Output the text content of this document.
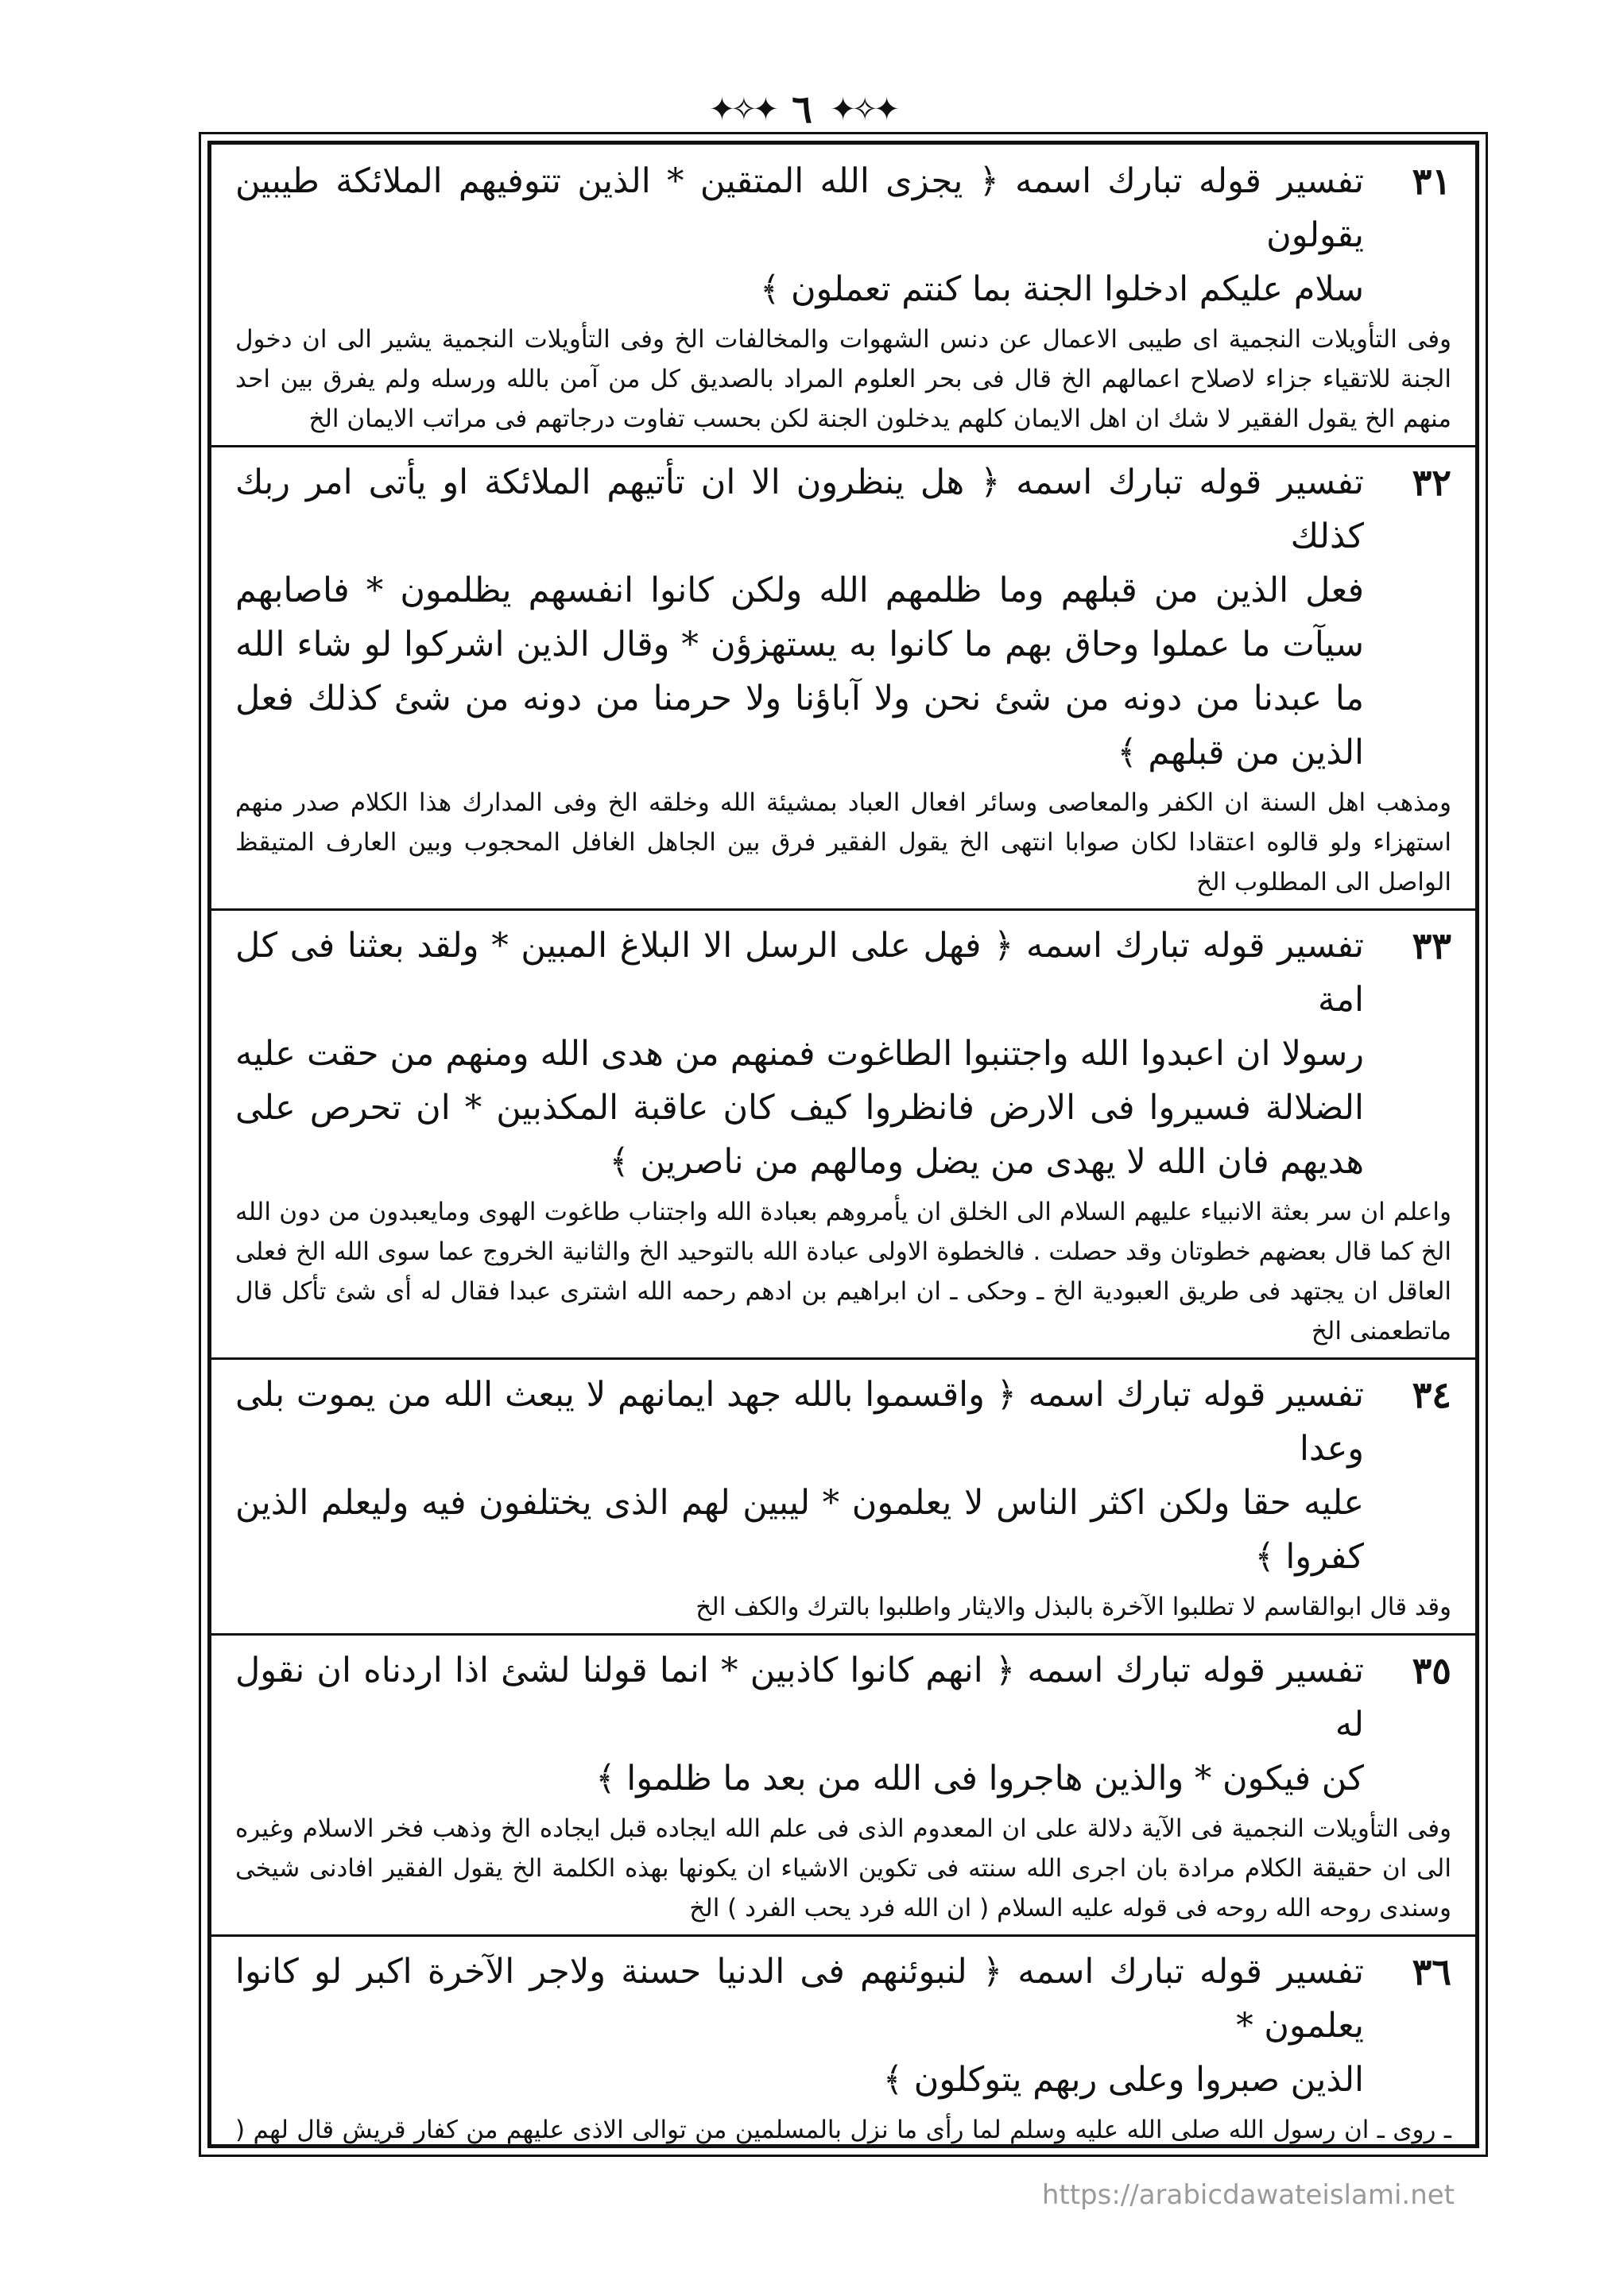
✦✧✦ ٦ ✦✧✦
٣١
تفسير قوله تبارك اسمه ﴿ يجزى الله المتقين * الذين تتوفيهم الملائكة طيبين يقولون
سلام عليكم ادخلوا الجنة بما كنتم تعملون ﴾

وفى التأويلات النجمية اى طيبى الاعمال عن دنس الشهوات والمخالفات الخ وفى التأويلات النجمية يشير الى ان دخول الجنة للاتقياء جزاء لاصلاح اعمالهم الخ قال فى بحر العلوم المراد بالصديق كل من آمن بالله ورسله ولم يفرق بين احد منهم الخ يقول الفقير لا شك ان اهل الايمان كلهم يدخلون الجنة لكن بحسب تفاوت درجاتهم فى مراتب الايمان الخ

٣٢
تفسير قوله تبارك اسمه ﴿ هل ينظرون الا ان تأتيهم الملائكة او يأتى امر ربك كذلك
فعل الذين من قبلهم وما ظلمهم الله ولكن كانوا انفسهم يظلمون * فاصابهم سيآت ما عملوا وحاق بهم ما كانوا به يستهزؤن * وقال الذين اشركوا لو شاء الله ما عبدنا من دونه من شئ نحن ولا آباؤنا ولا حرمنا من دونه من شئ كذلك فعل الذين من قبلهم ﴾

ومذهب اهل السنة ان الكفر والمعاصى وسائر افعال العباد بمشيئة الله وخلقه الخ وفى المدارك هذا الكلام صدر منهم استهزاء ولو قالوه اعتقادا لكان صوابا انتهى الخ يقول الفقير فرق بين الجاهل الغافل المحجوب وبين العارف المتيقظ الواصل الى المطلوب الخ

٣٣
تفسير قوله تبارك اسمه ﴿ فهل على الرسل الا البلاغ المبين * ولقد بعثنا فى كل امة
رسولا ان اعبدوا الله واجتنبوا الطاغوت فمنهم من هدى الله ومنهم من حقت عليه الضلالة فسيروا فى الارض فانظروا كيف كان عاقبة المكذبين * ان تحرص على هديهم فان الله لا يهدى من يضل ومالهم من ناصرين ﴾

واعلم ان سر بعثة الانبياء عليهم السلام الى الخلق ان يأمروهم بعبادة الله واجتناب طاغوت الهوى ومايعبدون من دون الله الخ كما قال بعضهم خطوتان وقد حصلت . فالخطوة الاولى عبادة الله بالتوحيد الخ والثانية الخروج عما سوى الله الخ فعلى العاقل ان يجتهد فى طريق العبودية الخ ـ وحكى ـ ان ابراهيم بن ادهم رحمه الله اشترى عبدا فقال له أى شئ تأكل قال ماتطعمنى الخ

٣٤
تفسير قوله تبارك اسمه ﴿ واقسموا بالله جهد ايمانهم لا يبعث الله من يموت بلى وعدا
عليه حقا ولكن اكثر الناس لا يعلمون * ليبين لهم الذى يختلفون فيه وليعلم الذين كفروا ﴾

وقد قال ابوالقاسم لا تطلبوا الآخرة بالبذل والايثار واطلبوا بالترك والكف الخ

٣٥
تفسير قوله تبارك اسمه ﴿ انهم كانوا كاذبين * انما قولنا لشئ اذا اردناه ان نقول له
كن فيكون * والذين هاجروا فى الله من بعد ما ظلموا ﴾

وفى التأويلات النجمية فى الآية دلالة على ان المعدوم الذى فى علم الله ايجاده قبل ايجاده الخ وذهب فخر الاسلام وغيره الى ان حقيقة الكلام مرادة بان اجرى الله سنته فى تكوين الاشياء ان يكونها بهذه الكلمة الخ يقول الفقير افادنى شيخى وسندى روحه الله روحه فى قوله عليه السلام ( ان الله فرد يحب الفرد ) الخ

٣٦
تفسير قوله تبارك اسمه ﴿ لنبوئنهم فى الدنيا حسنة ولاجر الآخرة اكبر لو كانوا يعلمون *
الذين صبروا وعلى ربهم يتوكلون ﴾

ـ روى ـ ان رسول الله صلى الله عليه وسلم لما رأى ما نزل بالمسلمين من توالى الاذى عليهم من كفار قريش قال لهم (

https://arabicdawateislami.net
